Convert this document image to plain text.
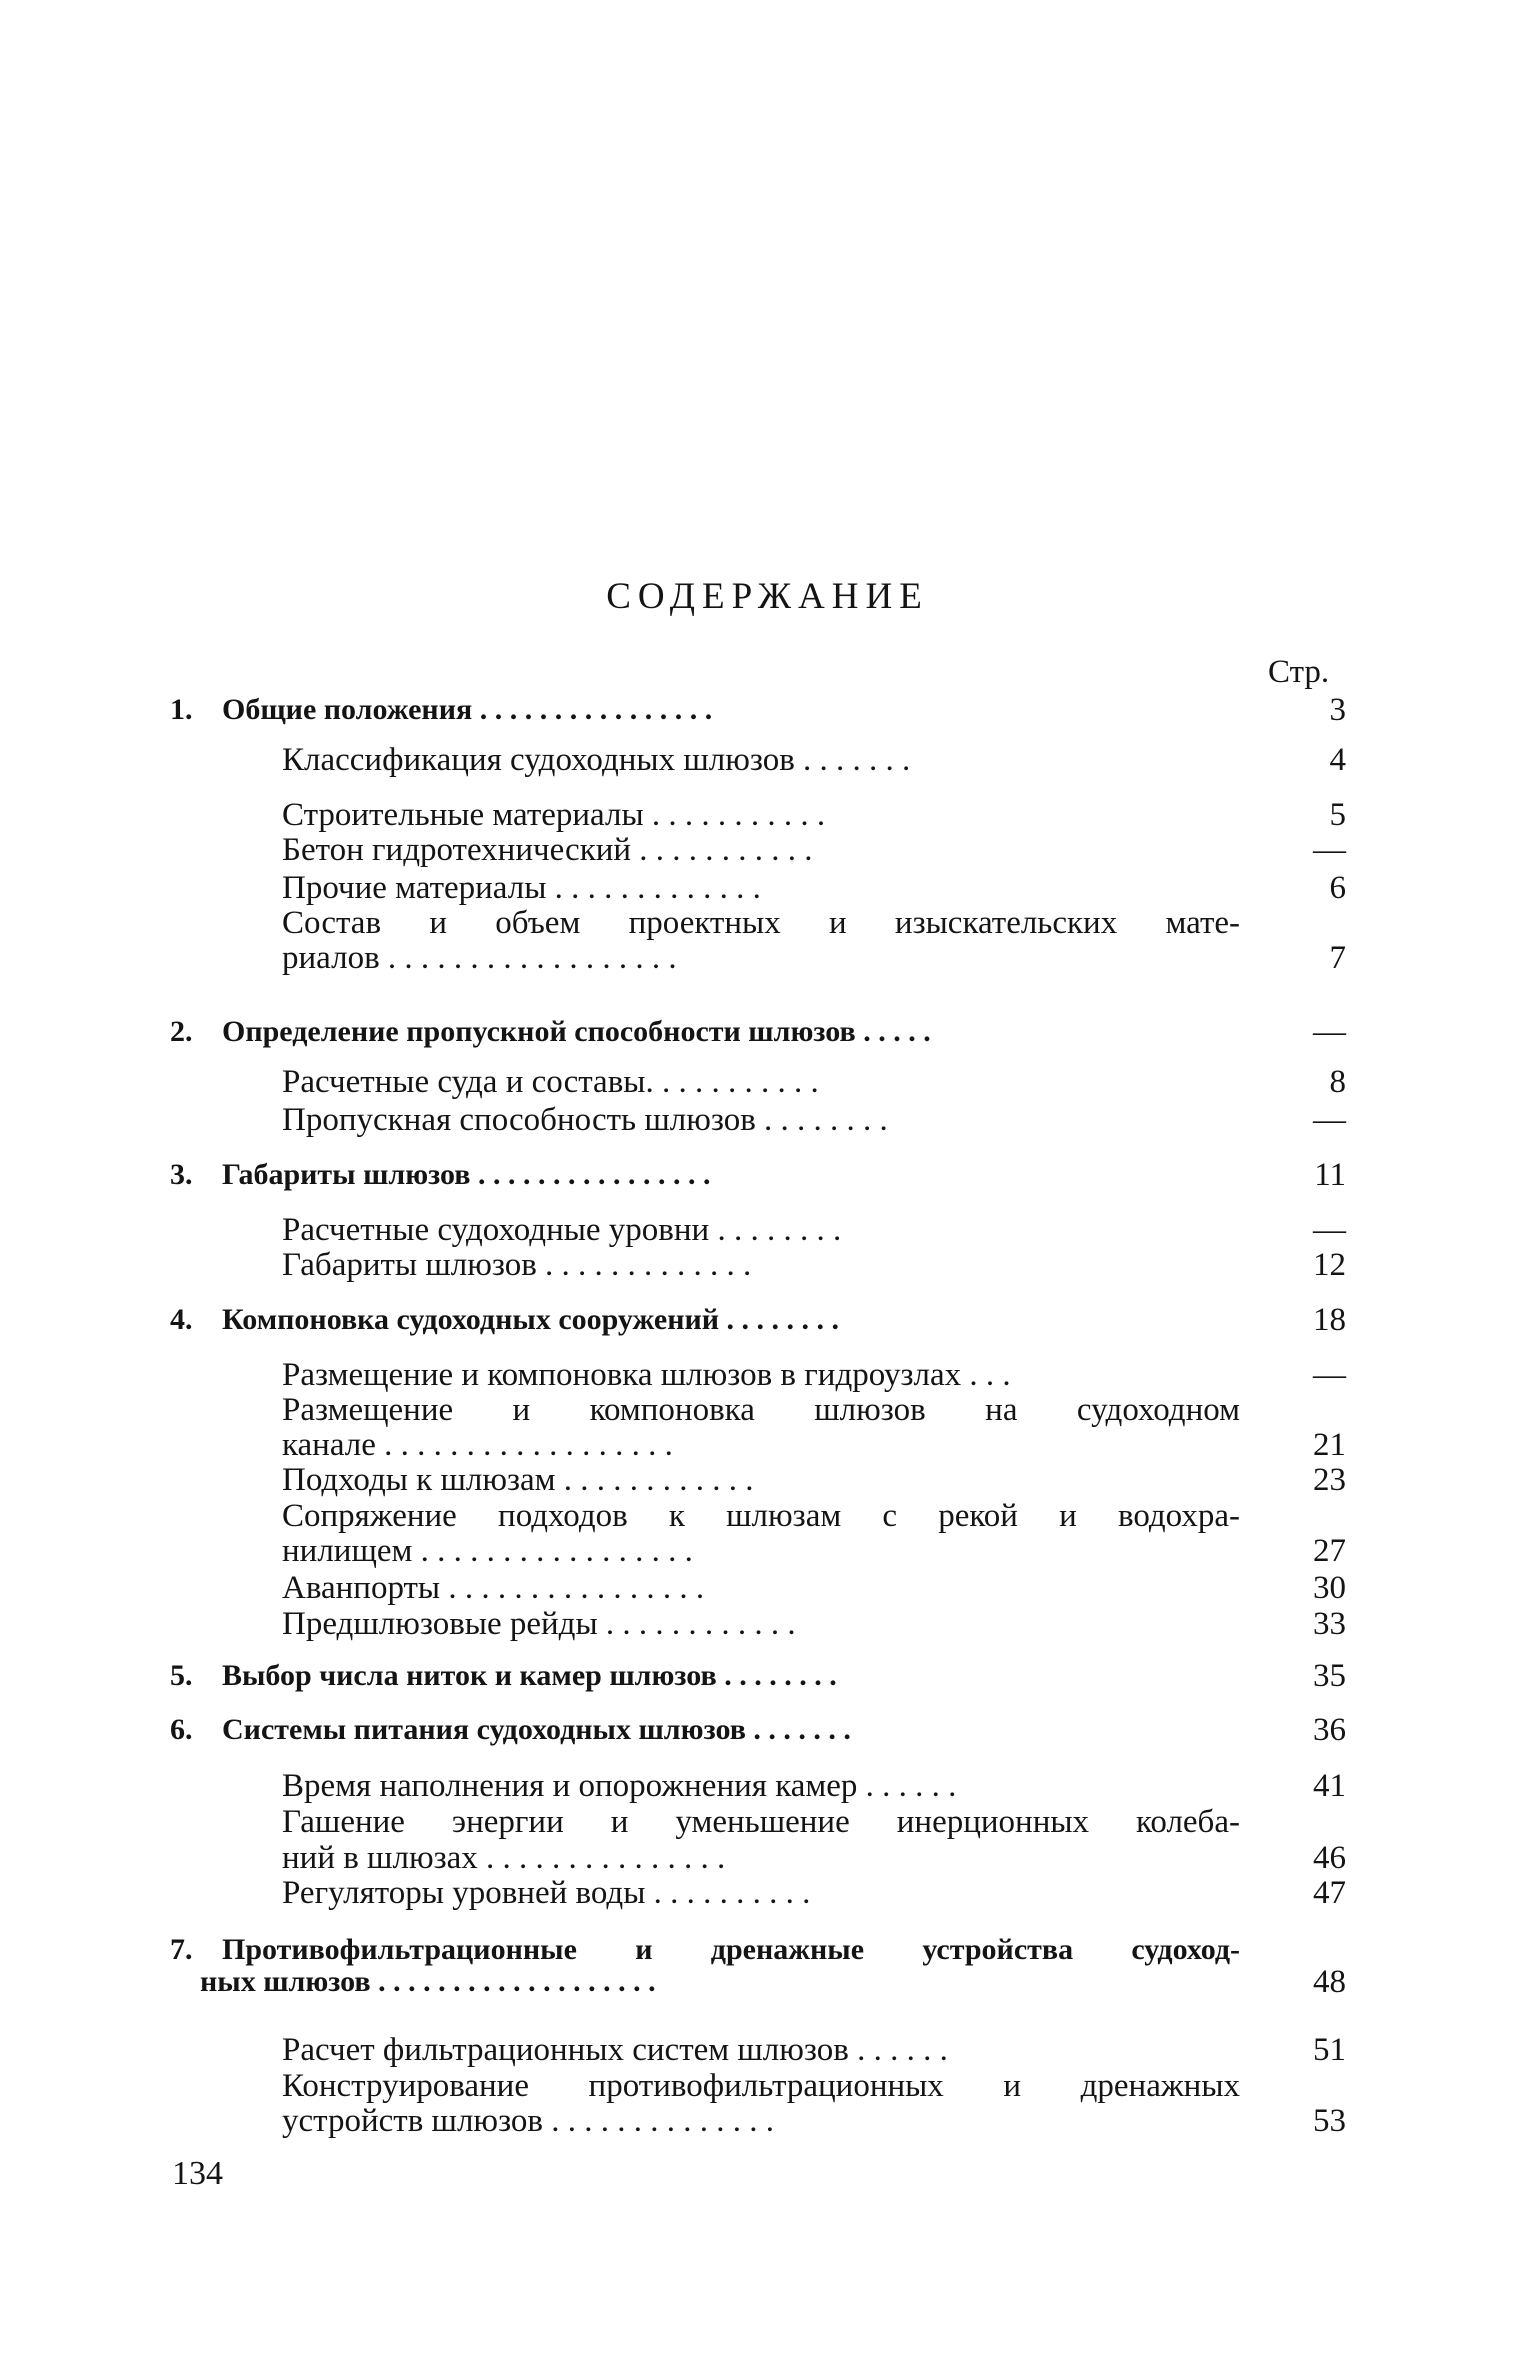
СОДЕРЖАНИЕ
Стр.
1. Общие положения . . . . . . . . . . . . . . . .	3
Классификация судоходных шлюзов . . . . . . .	4
Строительные материалы . . . . . . . . . . .	5
Бетон гидротехнический . . . . . . . . . . .	—
Прочие материалы . . . . . . . . . . . . .	6
Состав и объем проектных и изыскательских мате-
риалов . . . . . . . . . . . . . . . . . .	7
2. Определение пропускной способности шлюзов . . . . .	—
Расчетные суда и составы. . . . . . . . . . .	8
Пропускная способность шлюзов . . . . . . . .	—
3. Габариты шлюзов . . . . . . . . . . . . . . . .	11
Расчетные судоходные уровни . . . . . . . .	—
Габариты шлюзов . . . . . . . . . . . . .	12
4. Компоновка судоходных сооружений . . . . . . . .	18
Размещение и компоновка шлюзов в гидроузлах . . .	—
Размещение и компоновка шлюзов на судоходном
канале . . . . . . . . . . . . . . . . . .	21
Подходы к шлюзам . . . . . . . . . . . .	23
Сопряжение подходов к шлюзам с рекой и водохра-
нилищем . . . . . . . . . . . . . . . . .	27
Аванпорты . . . . . . . . . . . . . . . .	30
Предшлюзовые рейды . . . . . . . . . . . .	33
5. Выбор числа ниток и камер шлюзов . . . . . . . .	35
6. Системы питания судоходных шлюзов . . . . . . .	36
Время наполнения и опорожнения камер . . . . . .	41
Гашение энергии и уменьшение инерционных колеба-
ний в шлюзах . . . . . . . . . . . . . . .	46
Регуляторы уровней воды . . . . . . . . . .	47
7. Противофильтрационные и дренажные устройства судоход-
ных шлюзов . . . . . . . . . . . . . . . . . . .	48
Расчет фильтрационных систем шлюзов . . . . . .	51
Конструирование противофильтрационных и дренажных
устройств шлюзов . . . . . . . . . . . . . .	53
134
